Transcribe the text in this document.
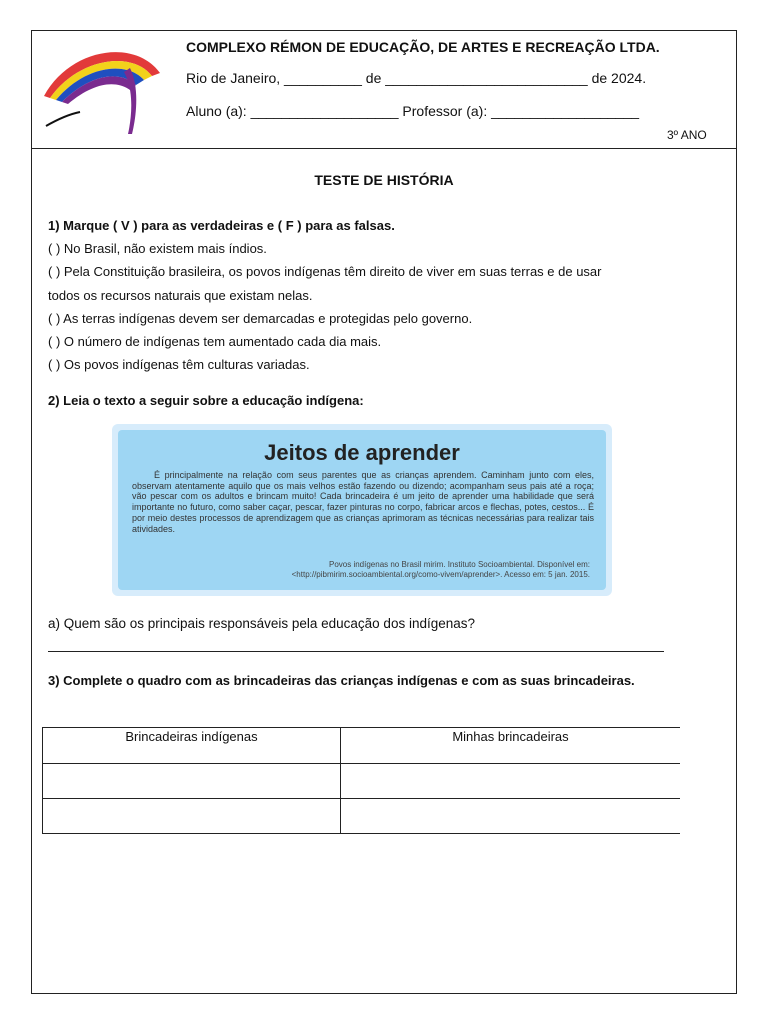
COMPLEXO RÉMON DE EDUCAÇÃO, DE ARTES E RECREAÇÃO LTDA.
Rio de Janeiro, __________ de __________________________ de 2024.
Aluno (a): ___________________ Professor (a): ___________________
3º ANO
TESTE DE HISTÓRIA
1) Marque ( V ) para as verdadeiras e ( F ) para as falsas.
( ) No Brasil, não existem mais índios.
( ) Pela Constituição brasileira, os povos indígenas têm direito de viver em suas terras e de usar
todos os recursos naturais que existam nelas.
( ) As terras indígenas devem ser demarcadas e protegidas pelo governo.
( ) O número de indígenas tem aumentado cada dia mais.
( ) Os povos indígenas têm culturas variadas.
2) Leia o texto a seguir sobre a educação indígena:
Jeitos de aprender
É principalmente na relação com seus parentes que as crianças aprendem. Caminham junto com eles, observam atentamente aquilo que os mais velhos estão fazendo ou dizendo; acompanham seus pais até a roça; vão pescar com os adultos e brincam muito! Cada brincadeira é um jeito de aprender uma habilidade que será importante no futuro, como saber caçar, pescar, fazer pinturas no corpo, fabricar arcos e flechas, potes, cestos... É por meio destes processos de aprendizagem que as crianças aprimoram as técnicas necessárias para realizar tais atividades.
Povos indígenas no Brasil mirim. Instituto Socioambiental. Disponível em:
<http://pibmirim.socioambiental.org/como-vivem/aprender>. Acesso em: 5 jan. 2015.
a) Quem são os principais responsáveis pela educação dos indígenas?
3) Complete o quadro com as brincadeiras das crianças indígenas e com as suas brincadeiras.
Brincadeiras indígenas	Minhas brincadeiras
